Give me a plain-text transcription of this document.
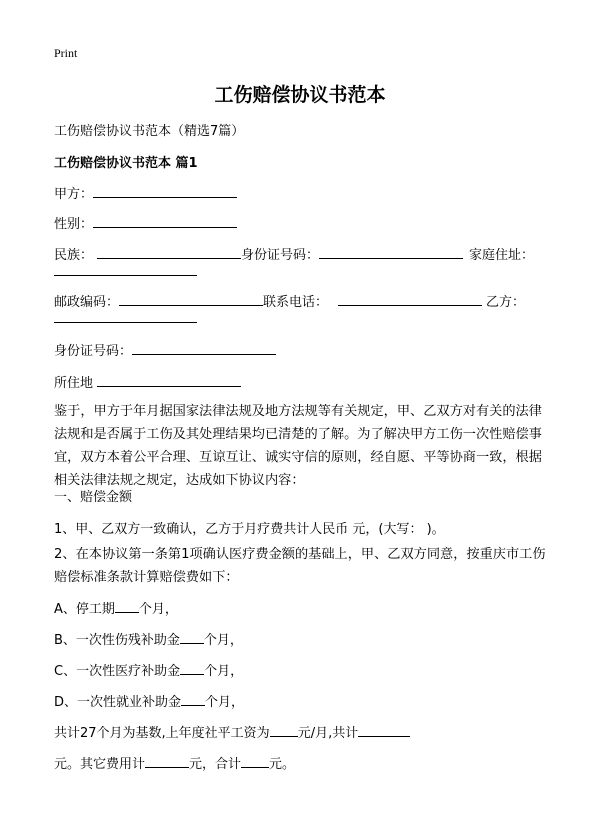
Print
工伤赔偿协议书范本
工伤赔偿协议书范本（精选7篇）
工伤赔偿协议书范本 篇1
甲方：
性别：
民族：	身份证号码：	家庭住址：
邮政编码：	联系电话：	乙方：
身份证号码：
所住地
鉴于，甲方于年月据国家法律法规及地方法规等有关规定，甲、乙双方对有关的法律法规和是否属于工伤及其处理结果均已清楚的了解。为了解决甲方工伤一次性赔偿事宜，双方本着公平合理、互谅互让、诚实守信的原则，经自愿、平等协商一致，根据相关法律法规之规定，达成如下协议内容：
一、赔偿金额
1、甲、乙双方一致确认，乙方于月疗费共计人民币 元，(大写： )。
2、在本协议第一条第1项确认医疗费金额的基础上，甲、乙双方同意，按重庆市工伤赔偿标准条款计算赔偿费如下：
A、停工期 个月，
B、一次性伤残补助金 个月，
C、一次性医疗补助金 个月，
D、一次性就业补助金 个月，
共计27个月为基数,上年度社平工资为 元/月,共计
元。其它费用计	元，合计 元。
